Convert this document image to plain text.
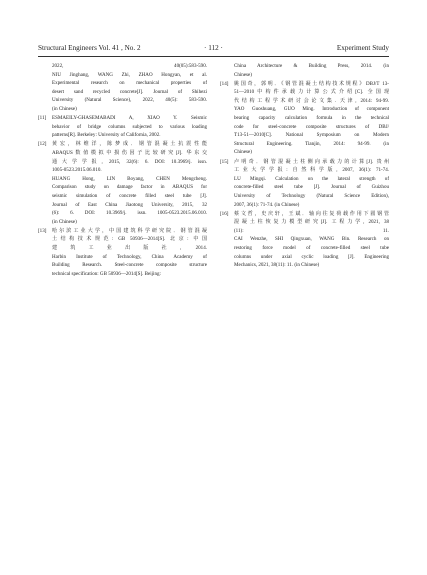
Structural Engineers Vol. 41 , No. 2	· 112 ·	Experiment Study
2022, 40(05):583-590.
NIU Jinghang, WANG Zhi, ZHAO Hongyan, et al.
Experimental research on mechanical properties of
desert sand recycled concrete[J]. Journal of Shihezi
University (Natural Science), 2022, 40(5): 583-590.
(in Chinese)
[11]	ESMAEILY-GHASEMABADI A, XIAO Y. Seismic
behavior of bridge columns subjected to various loading
patterns[R]. Berkeley: University of California, 2002.
[12]	黄宏，林维洋，陈梦成．钢管混凝土抗震性能
ABAQUS数值模拟中损伤因子比较研究[J]. 华东交
通大学学报, 2015, 32(6): 6. DOI: 10.3969/j. issn.
1005-0523.2015.06.010.
HUANG Hong, LIN Boyang, CHEN Mengcheng.
Comparison study on damage factor in ABAQUS for
seismic simulation of concrete filled steel tube [J].
Journal of East China Jiaotong University, 2015, 32
(6): 6. DOI: 10.3969/j. issn. 1005-0523.2015.06.010.
(in Chinese)
[13]	哈尔滨工业大学，中国建筑科学研究院．钢管混凝
土结构技术规范: GB 50936—2014[S]. 北京: 中国
建筑工业出版社, 2014.
Harbin Institute of Technology, China Academy of
Building Research. Steel-concrete composite structure
technical specification: GB 50936—2014[S]. Beijing:
China Architecture & Building Press, 2014. (in
Chinese)
[14]	姚国奇，郭明．《钢管混凝土结构技术规程》DBJ/T 13-
51—2010中构件承载力计算公式介绍[C]. 全国现
代结构工程学术研讨会论文集. 天津, 2014: 94-99.
YAO Guoshuang, GUO Ming. Introduction of component
bearing capacity calculation formula in the technical
code for steel-concrete composite structures of DBJ/
T13-51—2010[C]. National Symposium on Modern
Structural Engineering. Tianjin, 2014: 94-99. (in
Chinese)
[15]	卢明奇．钢管混凝土柱侧向承载力的计算[J]. 贵州
工业大学学报: 自然科学版, 2007, 36(1): 71-74.
LU Mingqi. Calculation on the lateral strength of
concrete-filled steel tube [J]. Journal of Guizhou
University of Technology (Natural Science Edition),
2007, 36(1): 71-74. (in Chinese)
[16]	蔡文哲，史庆轩，王斌．轴向往复荷载作用下圆钢管
混凝土柱恢复力模型研究[J]. 工程力学, 2021, 38
(11): 11.
CAI Wenzhe, SHI Qingxuan, WANG Bin. Research on
restoring force model of concrete-filled steel tube
columns under axial cyclic loading [J]. Engineering
Mechanics, 2021, 38(11): 11. (in Chinese)
